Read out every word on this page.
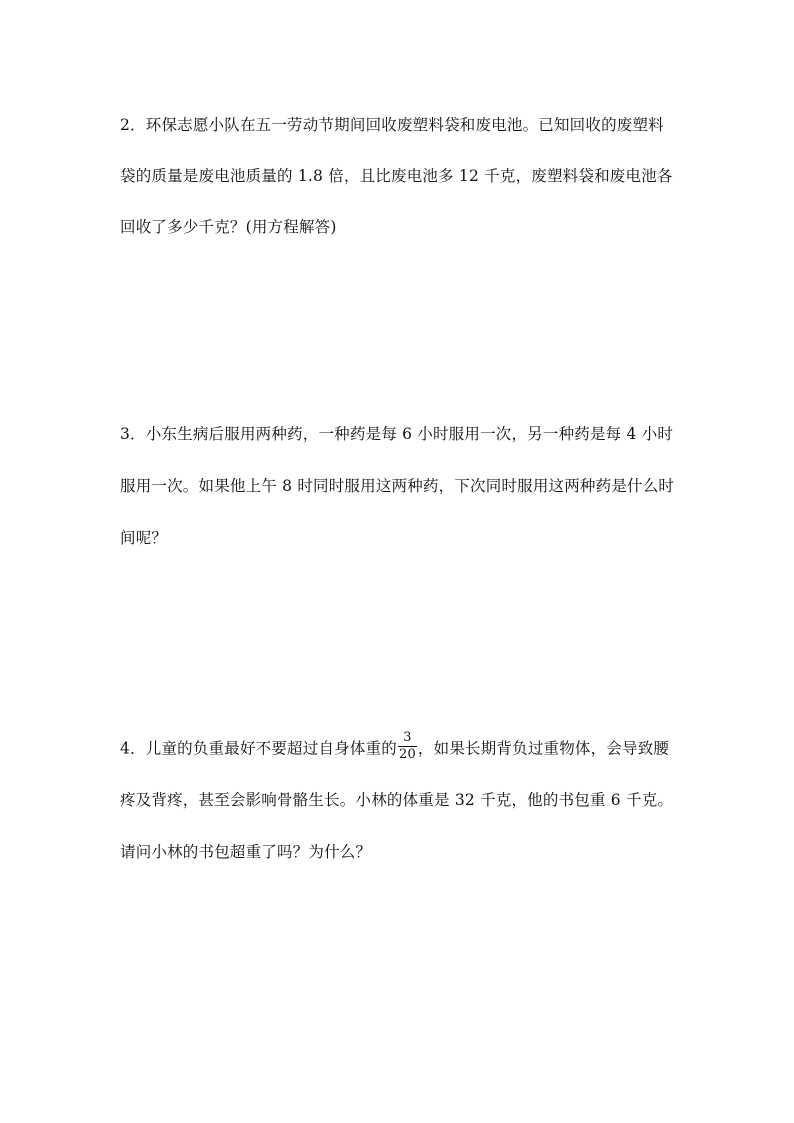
2．环保志愿小队在五一劳动节期间回收废塑料袋和废电池。已知回收的废塑料
袋的质量是废电池质量的 1.8 倍，且比废电池多 12 千克，废塑料袋和废电池各
回收了多少千克？(用方程解答)
3．小东生病后服用两种药，一种药是每 6 小时服用一次，另一种药是每 4 小时
服用一次。如果他上午 8 时同时服用这两种药，下次同时服用这两种药是什么时
间呢？
4．儿童的负重最好不要超过自身体重的 $\frac{3}{20}$ ，如果长期背负过重物体，会导致腰
疼及背疼，甚至会影响骨骼生长。小林的体重是 32 千克，他的书包重 6 千克。
请问小林的书包超重了吗？为什么？
